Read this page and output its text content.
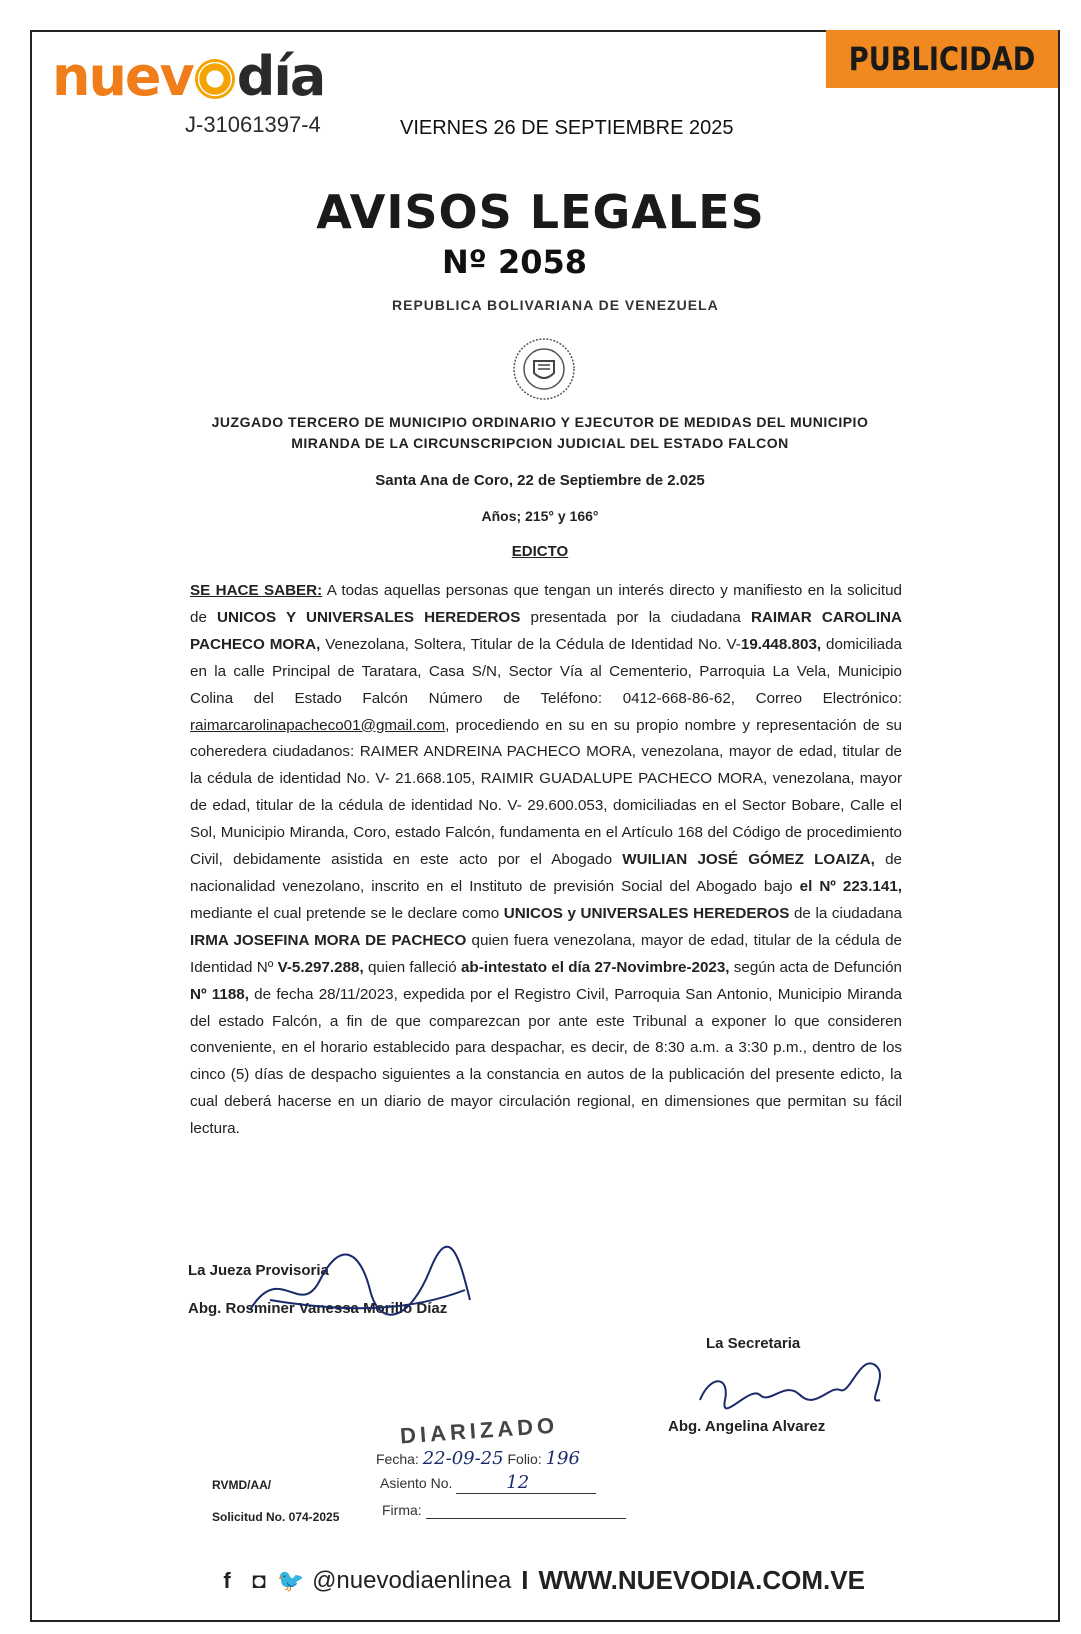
nuev día
J-31061397-4	VIERNES 26 DE SEPTIEMBRE 2025
PUBLICIDAD
AVISOS LEGALES
Nº 2058
REPUBLICA BOLIVARIANA DE VENEZUELA
JUZGADO TERCERO DE MUNICIPIO ORDINARIO Y EJECUTOR DE MEDIDAS DEL MUNICIPIO
MIRANDA DE LA CIRCUNSCRIPCION JUDICIAL DEL ESTADO FALCON
Santa Ana de Coro, 22 de Septiembre de 2.025
Años; 215° y 166°
EDICTO
SE HACE SABER: A todas aquellas personas que tengan un interés directo y manifiesto en la solicitud de UNICOS Y UNIVERSALES HEREDEROS presentada por la ciudadana RAIMAR CAROLINA PACHECO MORA, Venezolana, Soltera, Titular de la Cédula de Identidad No. V-19.448.803, domiciliada en la calle Principal de Taratara, Casa S/N, Sector Vía al Cementerio, Parroquia La Vela, Municipio Colina del Estado Falcón Número de Teléfono: 0412-668-86-62, Correo Electrónico: raimarcarolinapacheco01@gmail.com, procediendo en su en su propio nombre y representación de su coheredera ciudadanos: RAIMER ANDREINA PACHECO MORA, venezolana, mayor de edad, titular de la cédula de identidad No. V- 21.668.105, RAIMIR GUADALUPE PACHECO MORA, venezolana, mayor de edad, titular de la cédula de identidad No. V- 29.600.053, domiciliadas en el Sector Bobare, Calle el Sol, Municipio Miranda, Coro, estado Falcón, fundamenta en el Artículo 168 del Código de procedimiento Civil, debidamente asistida en este acto por el Abogado WUILIAN JOSÉ GÓMEZ LOAIZA, de nacionalidad venezolano, inscrito en el Instituto de previsión Social del Abogado bajo el Nº 223.141, mediante el cual pretende se le declare como UNICOS y UNIVERSALES HEREDEROS de la ciudadana IRMA JOSEFINA MORA DE PACHECO quien fuera venezolana, mayor de edad, titular de la cédula de Identidad Nº V-5.297.288, quien falleció ab-intestato el día 27-Novimbre-2023, según acta de Defunción Nº 1188, de fecha 28/11/2023, expedida por el Registro Civil, Parroquia San Antonio, Municipio Miranda del estado Falcón, a fin de que comparezcan por ante este Tribunal a exponer lo que consideren conveniente, en el horario establecido para despachar, es decir, de 8:30 a.m. a 3:30 p.m., dentro de los cinco (5) días de despacho siguientes a la constancia en autos de la publicación del presente edicto, la cual deberá hacerse en un diario de mayor circulación regional, en dimensiones que permitan su fácil lectura.
La Jueza Provisoria
Abg. Rosminer Vanessa Morillo Díaz
La Secretaria
Abg. Angelina Alvarez
DIARIZADO
Fecha: 22-09-25 Folio: 196
Asiento No.	12
Firma:
RVMD/AA/
Solicitud No. 074-2025
f ◘ 🐦 @nuevodiaenlinea I WWW.NUEVODIA.COM.VE
